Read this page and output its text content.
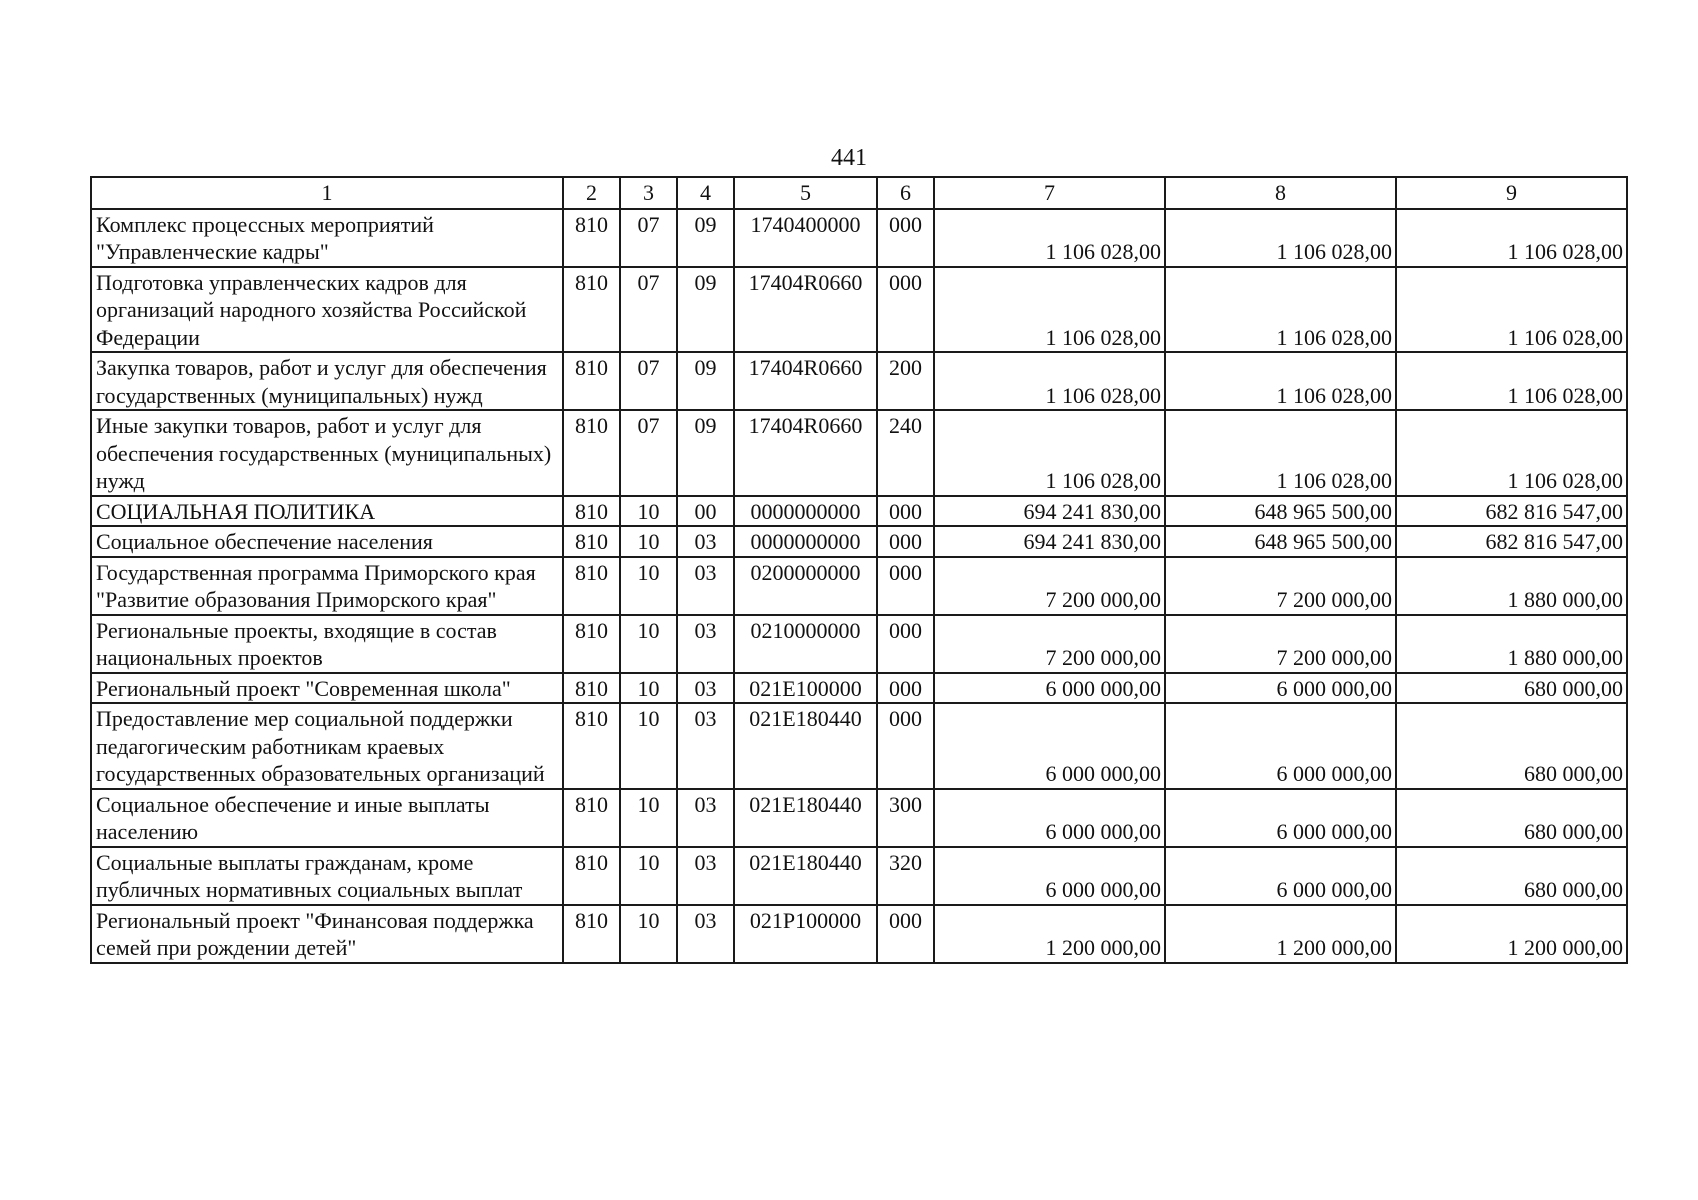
441
1	2	3	4	5	6	7	8	9
Комплекс процессных мероприятий "Управленческие кадры"	810	07	09	1740400000	000	1 106 028,00	1 106 028,00	1 106 028,00
Подготовка управленческих кадров для организаций народного хозяйства Российской Федерации	810	07	09	17404R0660	000	1 106 028,00	1 106 028,00	1 106 028,00
Закупка товаров, работ и услуг для обеспечения государственных (муниципальных) нужд	810	07	09	17404R0660	200	1 106 028,00	1 106 028,00	1 106 028,00
Иные закупки товаров, работ и услуг для обеспечения государственных (муниципальных) нужд	810	07	09	17404R0660	240	1 106 028,00	1 106 028,00	1 106 028,00
СОЦИАЛЬНАЯ ПОЛИТИКА	810	10	00	0000000000	000	694 241 830,00	648 965 500,00	682 816 547,00
Социальное обеспечение населения	810	10	03	0000000000	000	694 241 830,00	648 965 500,00	682 816 547,00
Государственная программа Приморского края "Развитие образования Приморского края"	810	10	03	0200000000	000	7 200 000,00	7 200 000,00	1 880 000,00
Региональные проекты, входящие в состав национальных проектов	810	10	03	0210000000	000	7 200 000,00	7 200 000,00	1 880 000,00
Региональный проект "Современная школа"	810	10	03	021E100000	000	6 000 000,00	6 000 000,00	680 000,00
Предоставление мер социальной поддержки педагогическим работникам краевых государственных образовательных организаций	810	10	03	021E180440	000	6 000 000,00	6 000 000,00	680 000,00
Социальное обеспечение и иные выплаты населению	810	10	03	021E180440	300	6 000 000,00	6 000 000,00	680 000,00
Социальные выплаты гражданам, кроме публичных нормативных социальных выплат	810	10	03	021E180440	320	6 000 000,00	6 000 000,00	680 000,00
Региональный проект "Финансовая поддержка семей при рождении детей"	810	10	03	021P100000	000	1 200 000,00	1 200 000,00	1 200 000,00
